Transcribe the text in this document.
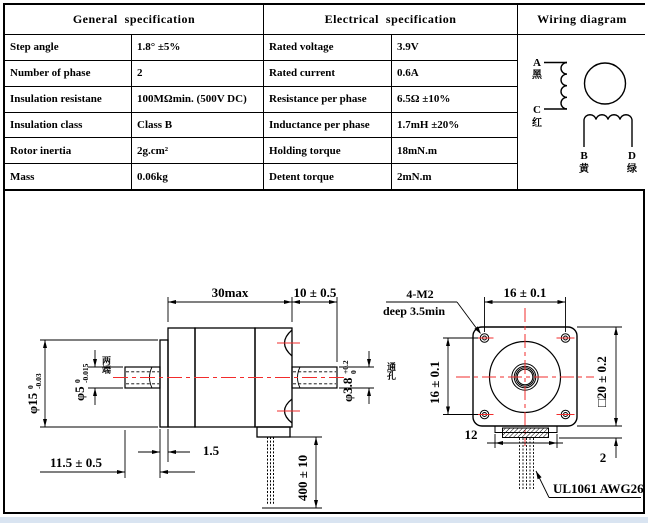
General  specification	Electrical  specification	Wiring diagram
Step angle	1.8° ±5%	Rated voltage	3.9V
A
黑
C
红
B
黄
D
绿
Number of phase	2	Rated current	0.6A
Insulation resistane	100MΩmin. (500V DC)	Resistance per phase	6.5Ω ±10%
Insulation class	Class B	Inductance per phase	1.7mH ±20%
Rotor inertia	2g.cm²	Holding torque	18mN.m
Mass	0.06kg	Detent torque	2mN.m
30max	10 ± 0.5
φ15
0 -0.03
φ5
0 -0.015 两端
φ3.8
+0.2 0	通孔
1.5
11.5 ± 0.5	400 ± 10
4-M2
deep 3.5min
16 ± 0.1
16 ± 0.1	□20 ± 0.2
12
2
UL1061 AWG26
